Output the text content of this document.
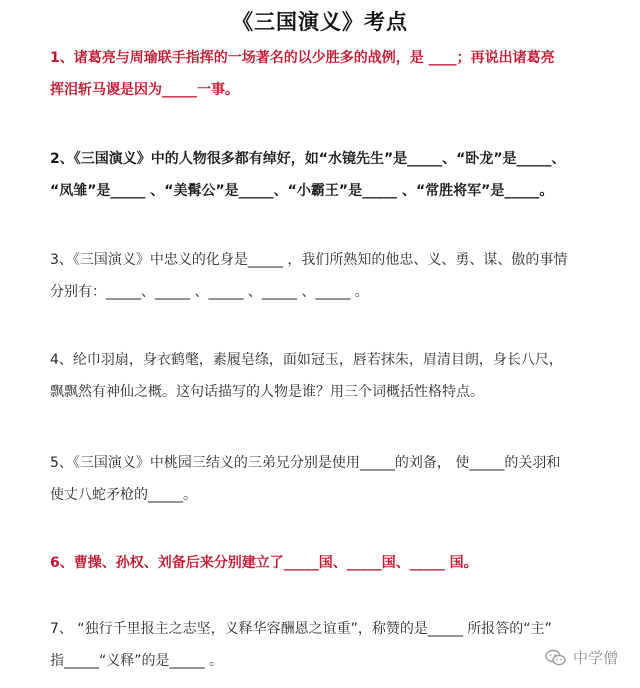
《三国演义》考点
1、诸葛亮与周瑜联手指挥的一场著名的以少胜多的战例，是 ____；再说出诸葛亮
挥泪斩马谡是因为_____一事。
2、《三国演义》中的人物很多都有绰好，如“水镜先生”是_____、“卧龙”是_____、
“凤雏”是_____ 、“美髯公”是_____、“小霸王”是_____ 、“常胜将军”是_____。
3、《三国演义》中忠义的化身是_____ ，我们所熟知的他忠、义、勇、谋、傲的事情
分别有：_____、_____ 、_____ 、_____ 、_____ 。
4、纶巾羽扇，身衣鹤氅，素履皂绦，面如冠玉，唇若抹朱，眉清目朗，身长八尺，
飘飘然有神仙之概。这句话描写的人物是谁？用三个词概括性格特点。
5、《三国演义》中桃园三结义的三弟兄分别是使用_____的刘备， 使_____的关羽和
使丈八蛇矛枪的_____。
6、曹操、孙权、刘备后来分别建立了_____国、_____国、_____ 国。
7、 “独行千里报主之志坚，义释华容酬恩之谊重”，称赞的是_____ 所报答的“主”
指_____“义释”的是_____ 。	中学僧
